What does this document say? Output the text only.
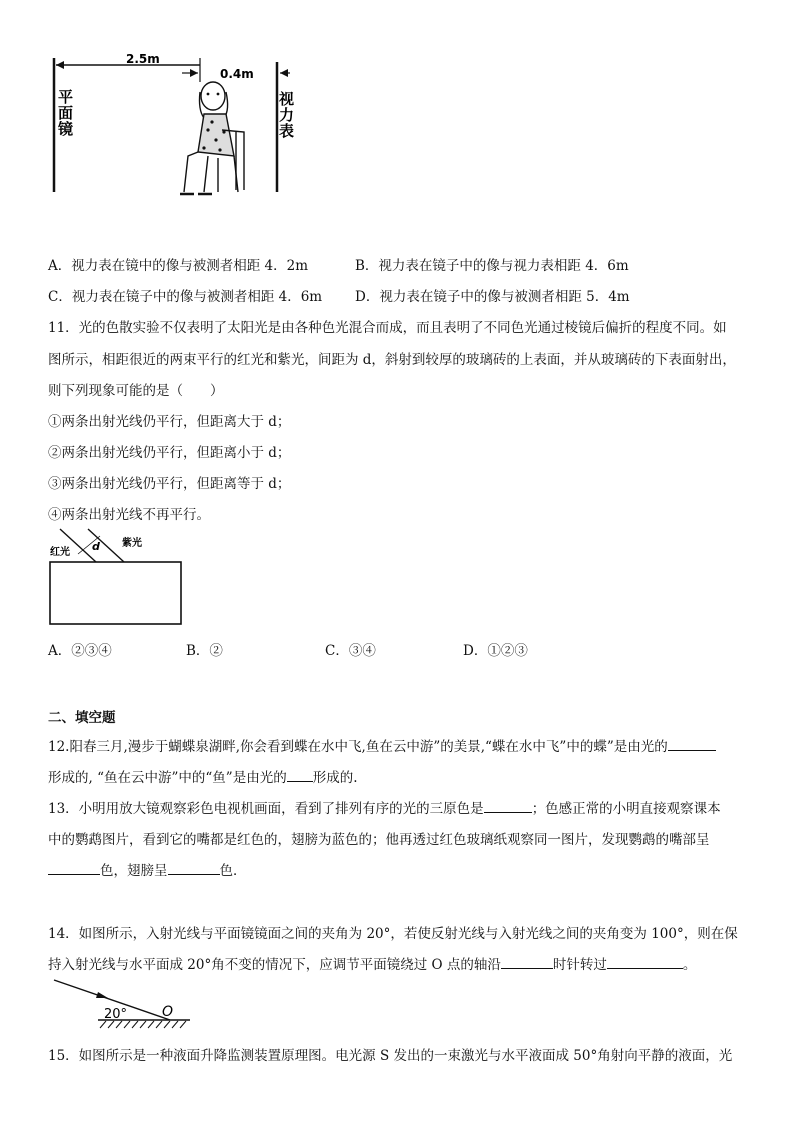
2.5m
0.4m
平
面
镜
视
力
表
A．视力表在镜中的像与被测者相距 4．2m	B．视力表在镜子中的像与视力表相距 4．6m
C．视力表在镜子中的像与被测者相距 4．6m D．视力表在镜子中的像与被测者相距 5．4m
11．光的色散实验不仅表明了太阳光是由各种色光混合而成，而且表明了不同色光通过棱镜后偏折的程度不同。如
图所示，相距很近的两束平行的红光和紫光，间距为 d，斜射到较厚的玻璃砖的上表面，并从玻璃砖的下表面射出，
则下列现象可能的是（　　）
①两条出射光线仍平行，但距离大于 d；
②两条出射光线仍平行，但距离小于 d；
③两条出射光线仍平行，但距离等于 d；
④两条出射光线不再平行。
红光 d 紫光
A．②③④	B．②	C．③④	D．①②③
二、填空题
12.阳春三月,漫步于蝴蝶泉湖畔,你会看到蝶在水中飞,鱼在云中游”的美景,“蝶在水中飞”中的蝶”是由光的
形成的, “鱼在云中游”中的“鱼”是由光的 形成的.
13．小明用放大镜观察彩色电视机画面，看到了排列有序的光的三原色是	；色感正常的小明直接观察课本
中的鹦鹉图片，看到它的嘴都是红色的，翅膀为蓝色的；他再透过红色玻璃纸观察同一图片，发现鹦鹉的嘴部呈
色，翅膀呈	色．
14．如图所示，入射光线与平面镜镜面之间的夹角为 20°，若使反射光线与入射光线之间的夹角变为 100°，则在保
持入射光线与水平面成 20°角不变的情况下，应调节平面镜绕过 O 点的轴沿	时针转过	。
20° O
15．如图所示是一种液面升降监测装置原理图。电光源 S 发出的一束激光与水平液面成 50°角射向平静的液面，光
